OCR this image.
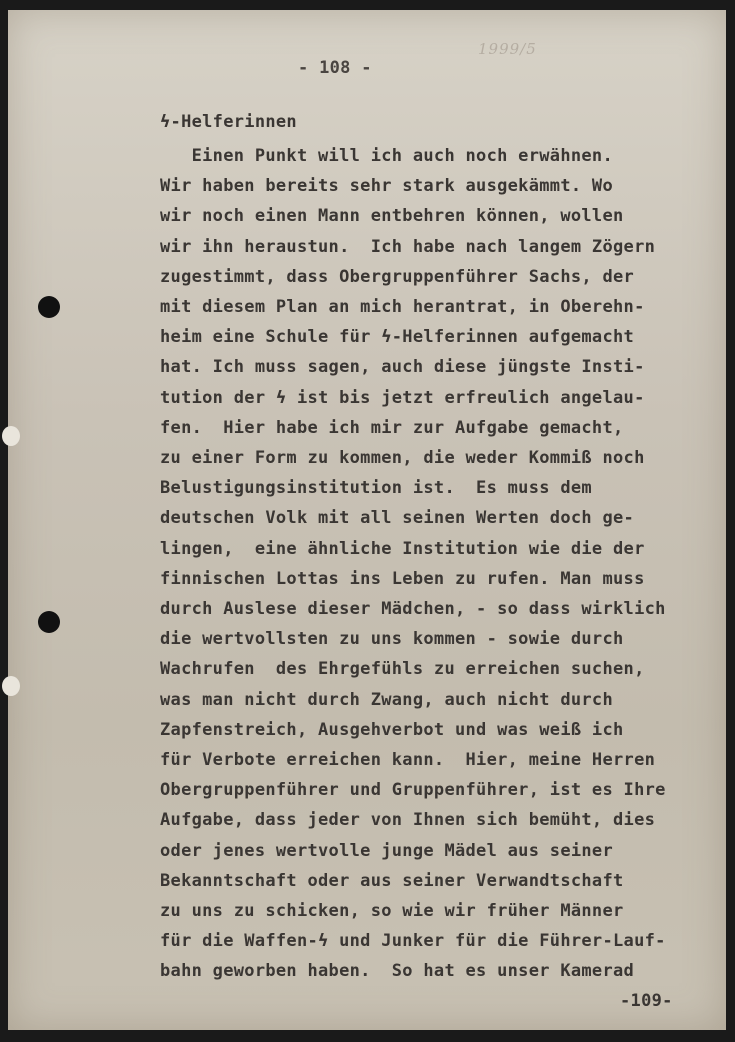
- 108 -
1999/5
ϟ-Helferinnen
Einen Punkt will ich auch noch erwähnen.
Wir haben bereits sehr stark ausgekämmt. Wo
wir noch einen Mann entbehren können, wollen
wir ihn heraustun.  Ich habe nach langem Zögern
zugestimmt, dass Obergruppenführer Sachs, der
mit diesem Plan an mich herantrat, in Oberehn-
heim eine Schule für ϟ-Helferinnen aufgemacht
hat. Ich muss sagen, auch diese jüngste Insti-
tution der ϟ ist bis jetzt erfreulich angelau-
fen.  Hier habe ich mir zur Aufgabe gemacht,
zu einer Form zu kommen, die weder Kommiß noch
Belustigungsinstitution ist.  Es muss dem
deutschen Volk mit all seinen Werten doch ge-
lingen,  eine ähnliche Institution wie die der
finnischen Lottas ins Leben zu rufen. Man muss
durch Auslese dieser Mädchen, - so dass wirklich
die wertvollsten zu uns kommen - sowie durch
Wachrufen  des Ehrgefühls zu erreichen suchen,
was man nicht durch Zwang, auch nicht durch
Zapfenstreich, Ausgehverbot und was weiß ich
für Verbote erreichen kann.  Hier, meine Herren
Obergruppenführer und Gruppenführer, ist es Ihre
Aufgabe, dass jeder von Ihnen sich bemüht, dies
oder jenes wertvolle junge Mädel aus seiner
Bekanntschaft oder aus seiner Verwandtschaft
zu uns zu schicken, so wie wir früher Männer
für die Waffen-ϟ und Junker für die Führer-Lauf-
bahn geworben haben.  So hat es unser Kamerad
-109-
